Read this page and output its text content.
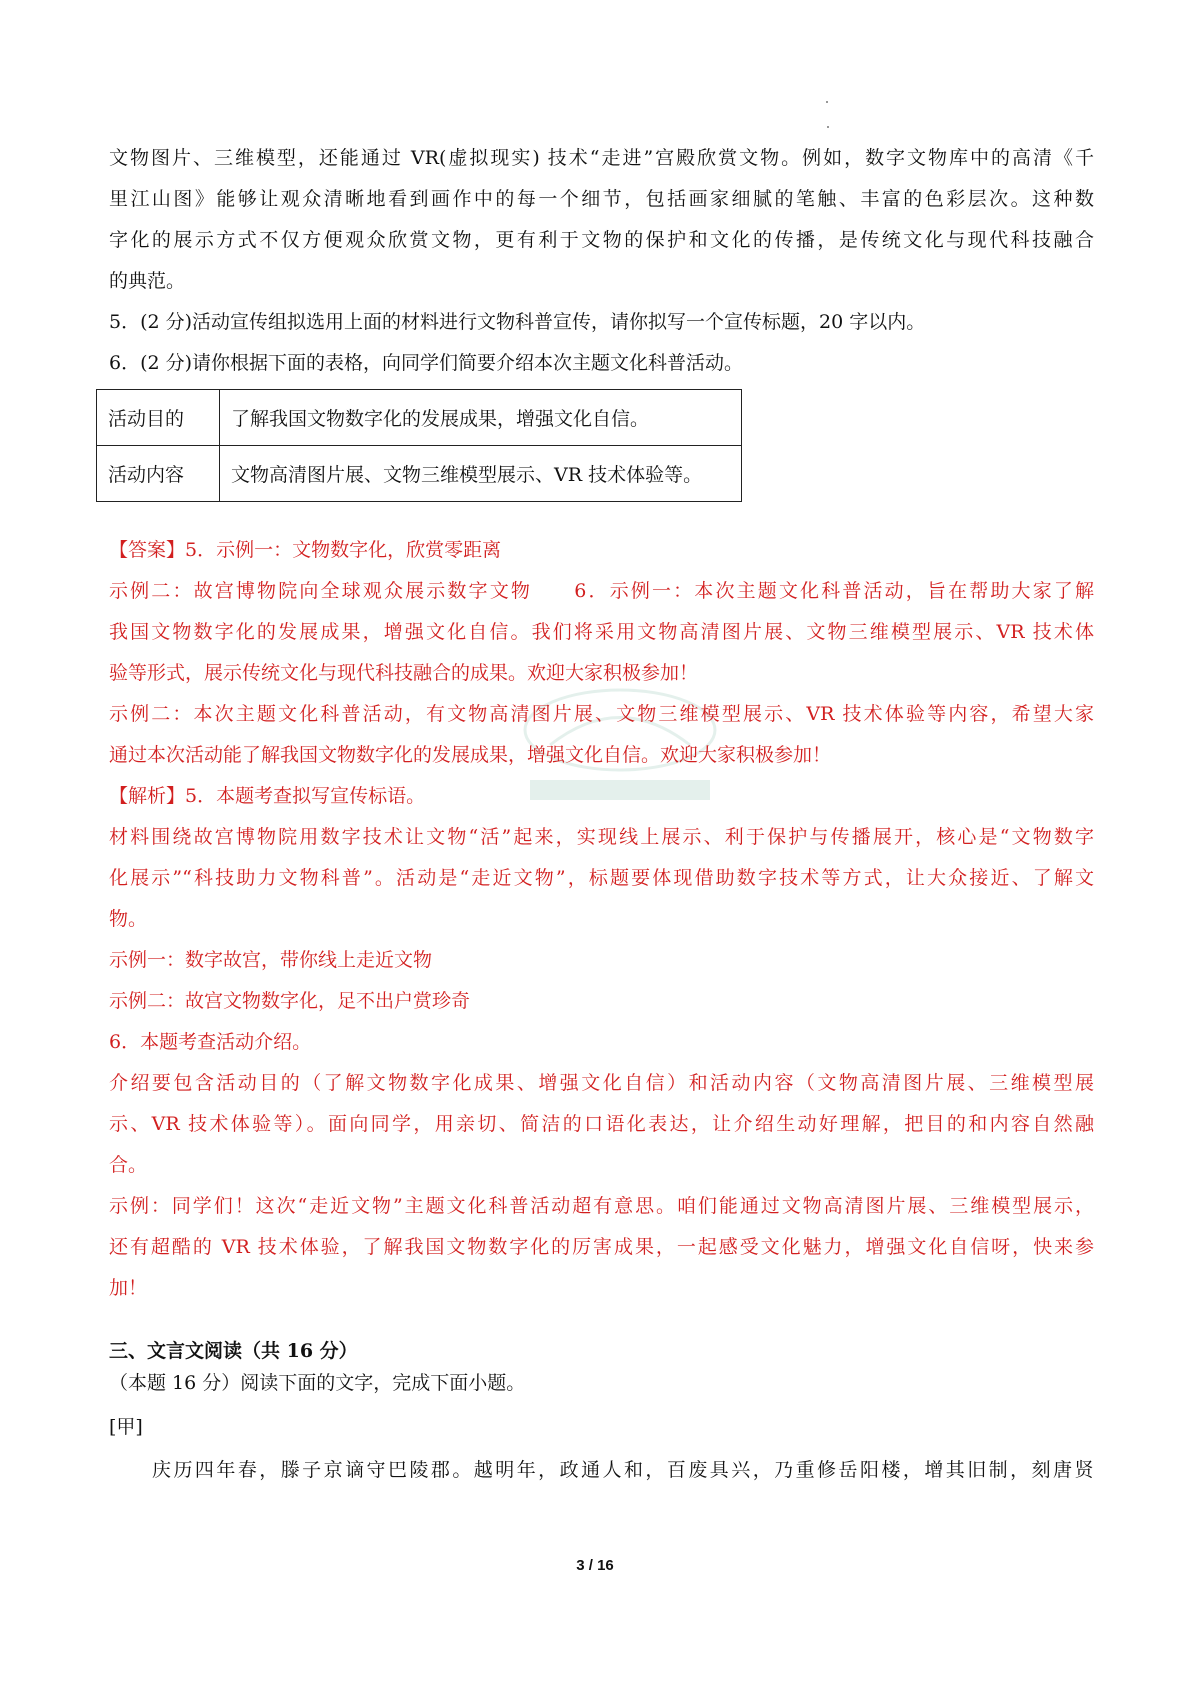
文物图片、三维模型，还能通过 VR(虚拟现实) 技术“走进”宫殿欣赏文物。例如，数字文物库中的高清《千

里江山图》能够让观众清晰地看到画作中的每一个细节，包括画家细腻的笔触、丰富的色彩层次。这种数

字化的展示方式不仅方便观众欣赏文物，更有利于文物的保护和文化的传播，是传统文化与现代科技融合

的典范。

5．(2 分)活动宣传组拟选用上面的材料进行文物科普宣传，请你拟写一个宣传标题，20 字以内。

6．(2 分)请你根据下面的表格，向同学们简要介绍本次主题文化科普活动。

活动目的	了解我国文物数字化的发展成果，增强文化自信。
活动内容	文物高清图片展、文物三维模型展示、VR 技术体验等。

【答案】5．示例一：文物数字化，欣赏零距离

示例二：故宫博物院向全球观众展示数字文物　　6．示例一：本次主题文化科普活动，旨在帮助大家了解

我国文物数字化的发展成果，增强文化自信。我们将采用文物高清图片展、文物三维模型展示、VR 技术体

验等形式，展示传统文化与现代科技融合的成果。欢迎大家积极参加！

示例二：本次主题文化科普活动，有文物高清图片展、文物三维模型展示、VR 技术体验等内容，希望大家

通过本次活动能了解我国文物数字化的发展成果，增强文化自信。欢迎大家积极参加！

【解析】5．本题考查拟写宣传标语。

材料围绕故宫博物院用数字技术让文物“活”起来，实现线上展示、利于保护与传播展开，核心是“文物数字

化展示”“科技助力文物科普”。活动是“走近文物”，标题要体现借助数字技术等方式，让大众接近、了解文

物。

示例一：数字故宫，带你线上走近文物

示例二：故宫文物数字化，足不出户赏珍奇

6．本题考查活动介绍。

介绍要包含活动目的（了解文物数字化成果、增强文化自信）和活动内容（文物高清图片展、三维模型展

示、VR 技术体验等）。面向同学，用亲切、简洁的口语化表达，让介绍生动好理解，把目的和内容自然融

合。

示例：同学们！这次“走近文物”主题文化科普活动超有意思。咱们能通过文物高清图片展、三维模型展示，

还有超酷的 VR 技术体验，了解我国文物数字化的厉害成果，一起感受文化魅力，增强文化自信呀，快来参

加！

三、文言文阅读（共 16 分）

（本题 16 分）阅读下面的文字，完成下面小题。

[甲]

庆历四年春，滕子京谪守巴陵郡。越明年，政通人和，百废具兴，乃重修岳阳楼，增其旧制，刻唐贤

3 / 16
